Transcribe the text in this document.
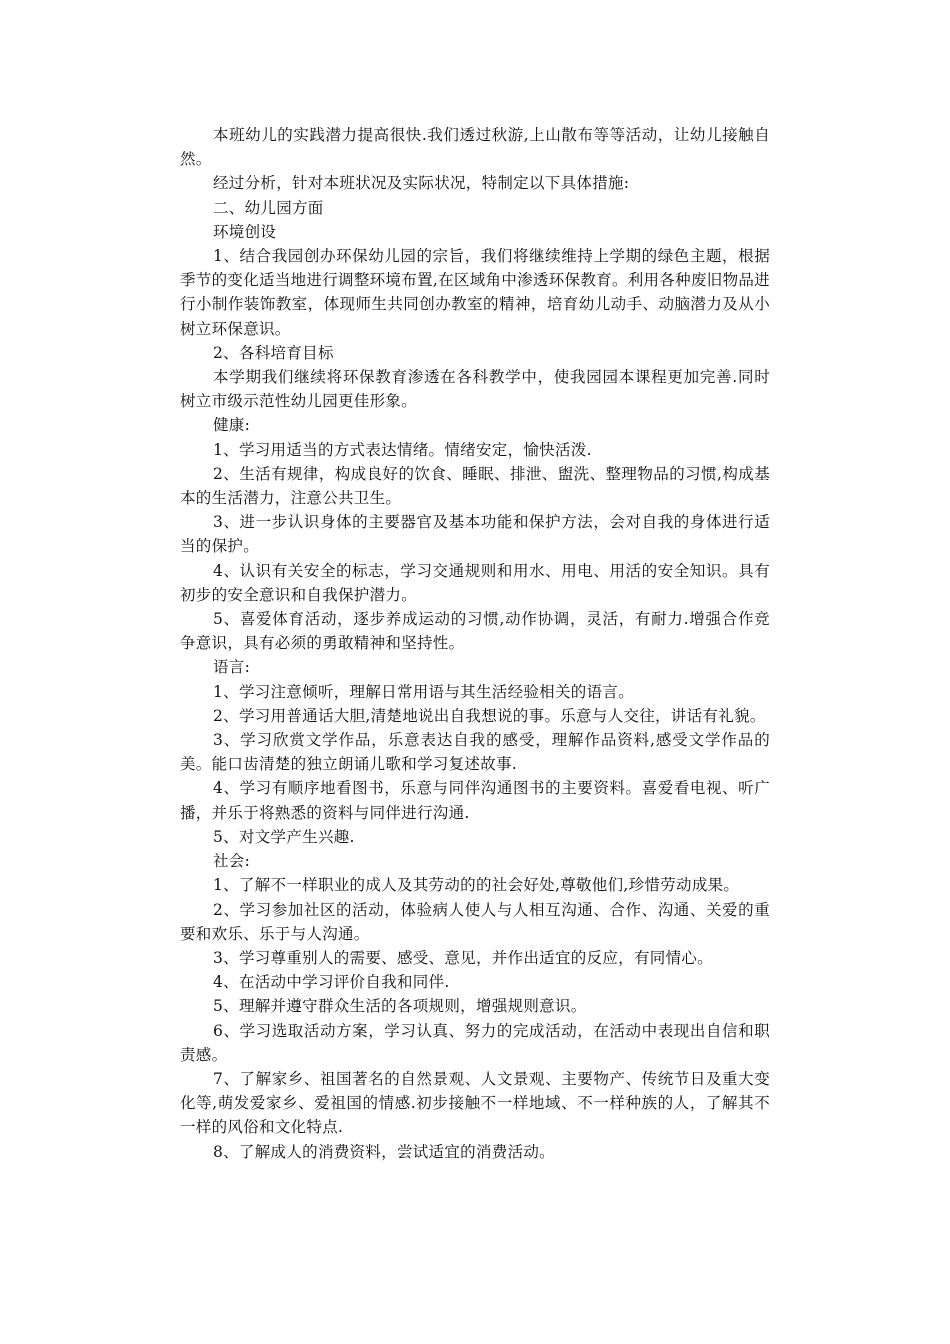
本班幼儿的实践潜力提高很快.我们透过秋游,上山散布等等活动，让幼儿接触自然。

经过分析，针对本班状况及实际状况，特制定以下具体措施:

二、幼儿园方面

环境创设

1、结合我园创办环保幼儿园的宗旨，我们将继续维持上学期的绿色主题，根据季节的变化适当地进行调整环境布置,在区域角中渗透环保教育。利用各种废旧物品进行小制作装饰教室，体现师生共同创办教室的精神，培育幼儿动手、动脑潜力及从小树立环保意识。

2、各科培育目标

本学期我们继续将环保教育渗透在各科教学中，使我园园本课程更加完善.同时树立市级示范性幼儿园更佳形象。

健康:

1、学习用适当的方式表达情绪。情绪安定，愉快活泼.

2、生活有规律，构成良好的饮食、睡眠、排泄、盥洗、整理物品的习惯,构成基本的生活潜力，注意公共卫生。

3、进一步认识身体的主要器官及基本功能和保护方法，会对自我的身体进行适当的保护。

4、认识有关安全的标志，学习交通规则和用水、用电、用活的安全知识。具有初步的安全意识和自我保护潜力。

5、喜爱体育活动，逐步养成运动的习惯,动作协调，灵活，有耐力.增强合作竞争意识，具有必须的勇敢精神和坚持性。

语言:

1、学习注意倾听，理解日常用语与其生活经验相关的语言。

2、学习用普通话大胆,清楚地说出自我想说的事。乐意与人交往，讲话有礼貌。

3、学习欣赏文学作品，乐意表达自我的感受，理解作品资料,感受文学作品的美。能口齿清楚的独立朗诵儿歌和学习复述故事.

4、学习有顺序地看图书，乐意与同伴沟通图书的主要资料。喜爱看电视、听广播，并乐于将熟悉的资料与同伴进行沟通.

5、对文学产生兴趣.

社会:

1、了解不一样职业的成人及其劳动的的社会好处,尊敬他们,珍惜劳动成果。

2、学习参加社区的活动，体验病人使人与人相互沟通、合作、沟通、关爱的重要和欢乐、乐于与人沟通。

3、学习尊重别人的需要、感受、意见，并作出适宜的反应，有同情心。

4、在活动中学习评价自我和同伴.

5、理解并遵守群众生活的各项规则，增强规则意识。

6、学习选取活动方案，学习认真、努力的完成活动，在活动中表现出自信和职责感。

7、了解家乡、祖国著名的自然景观、人文景观、主要物产、传统节日及重大变化等,萌发爱家乡、爱祖国的情感.初步接触不一样地域、不一样种族的人，了解其不一样的风俗和文化特点.

8、了解成人的消费资料，尝试适宜的消费活动。
